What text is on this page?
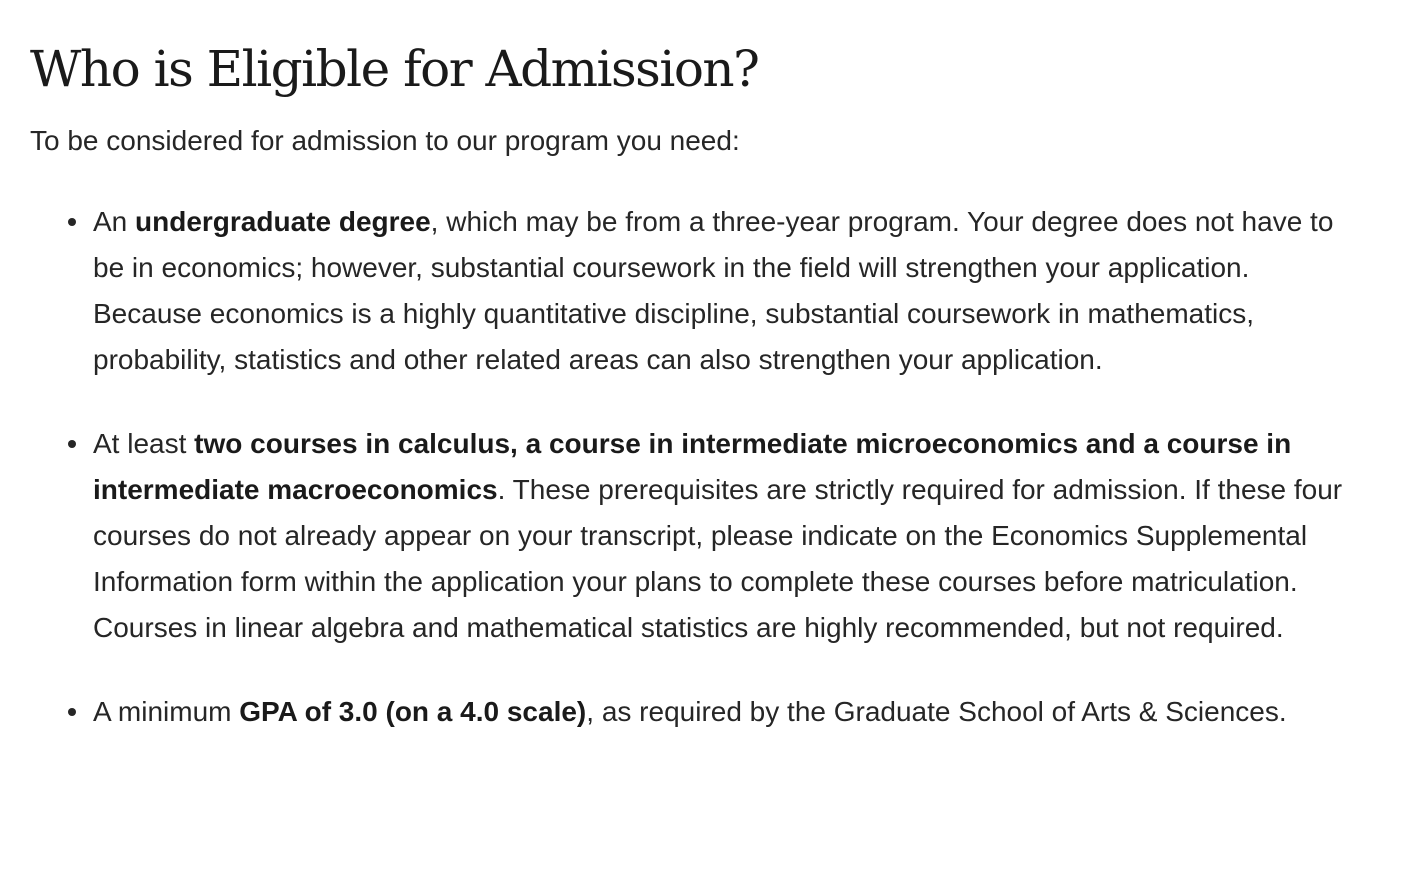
Who is Eligible for Admission?

To be considered for admission to our program you need:

An undergraduate degree, which may be from a three-year program. Your degree does not have to be in economics; however, substantial coursework in the field will strengthen your application. Because economics is a highly quantitative discipline, substantial coursework in mathematics, probability, statistics and other related areas can also strengthen your application.
At least two courses in calculus, a course in intermediate microeconomics and a course in intermediate macroeconomics. These prerequisites are strictly required for admission. If these four courses do not already appear on your transcript, please indicate on the Economics Supplemental Information form within the application your plans to complete these courses before matriculation. Courses in linear algebra and mathematical statistics are highly recommended, but not required.
A minimum GPA of 3.0 (on a 4.0 scale), as required by the Graduate School of Arts & Sciences.
